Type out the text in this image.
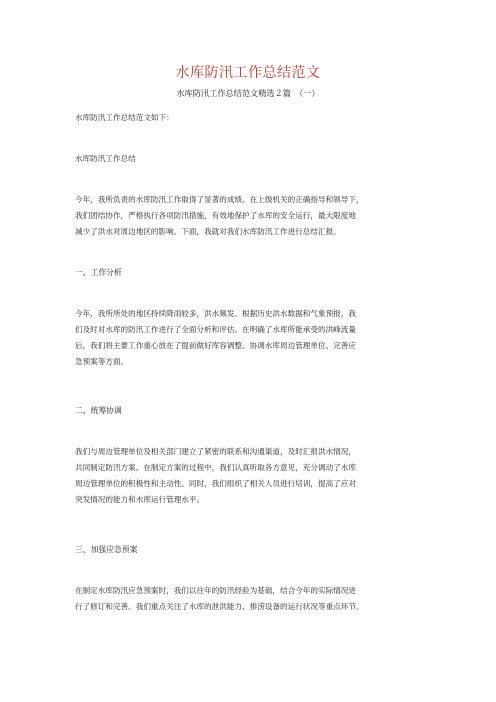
水库防汛工作总结范文
水库防汛工作总结范文精选２篇　（一）
水库防汛工作总结范文如下：
水库防汛工作总结
今年，我所负责的水库防汛工作取得了显著的成绩。在上级机关的正确指导和领导下，
我们团结协作，严格执行各项防汛措施，有效地保护了水库的安全运行，最大限度地
减少了洪水对周边地区的影响。下面，我就对我们水库防汛工作进行总结汇报。
一、工作分析
今年，我所所处的地区持续降雨较多，洪水频发。根据历史洪水数据和气象预报，我
们及时对水库的防汛工作进行了全面分析和评估。在明确了水库所能承受的洪峰流量
后，我们将主要工作重心放在了提前做好库容调整、协调水库周边管理单位、完善应
急预案等方面。
二、统筹协调
我们与周边管理单位及相关部门建立了紧密的联系和沟通渠道，及时汇报洪水情况，
共同制定防汛方案。在制定方案的过程中，我们认真听取各方意见，充分调动了水库
周边管理单位的积极性和主动性。同时，我们组织了相关人员进行培训，提高了应对
突发情况的能力和水库运行管理水平。
三、加强应急预案
在制定水库防汛应急预案时，我们以往年的防汛经验为基础，结合今年的实际情况进
行了修订和完善。我们重点关注了水库的泄洪能力、排涝设备的运行状况等重点环节。
